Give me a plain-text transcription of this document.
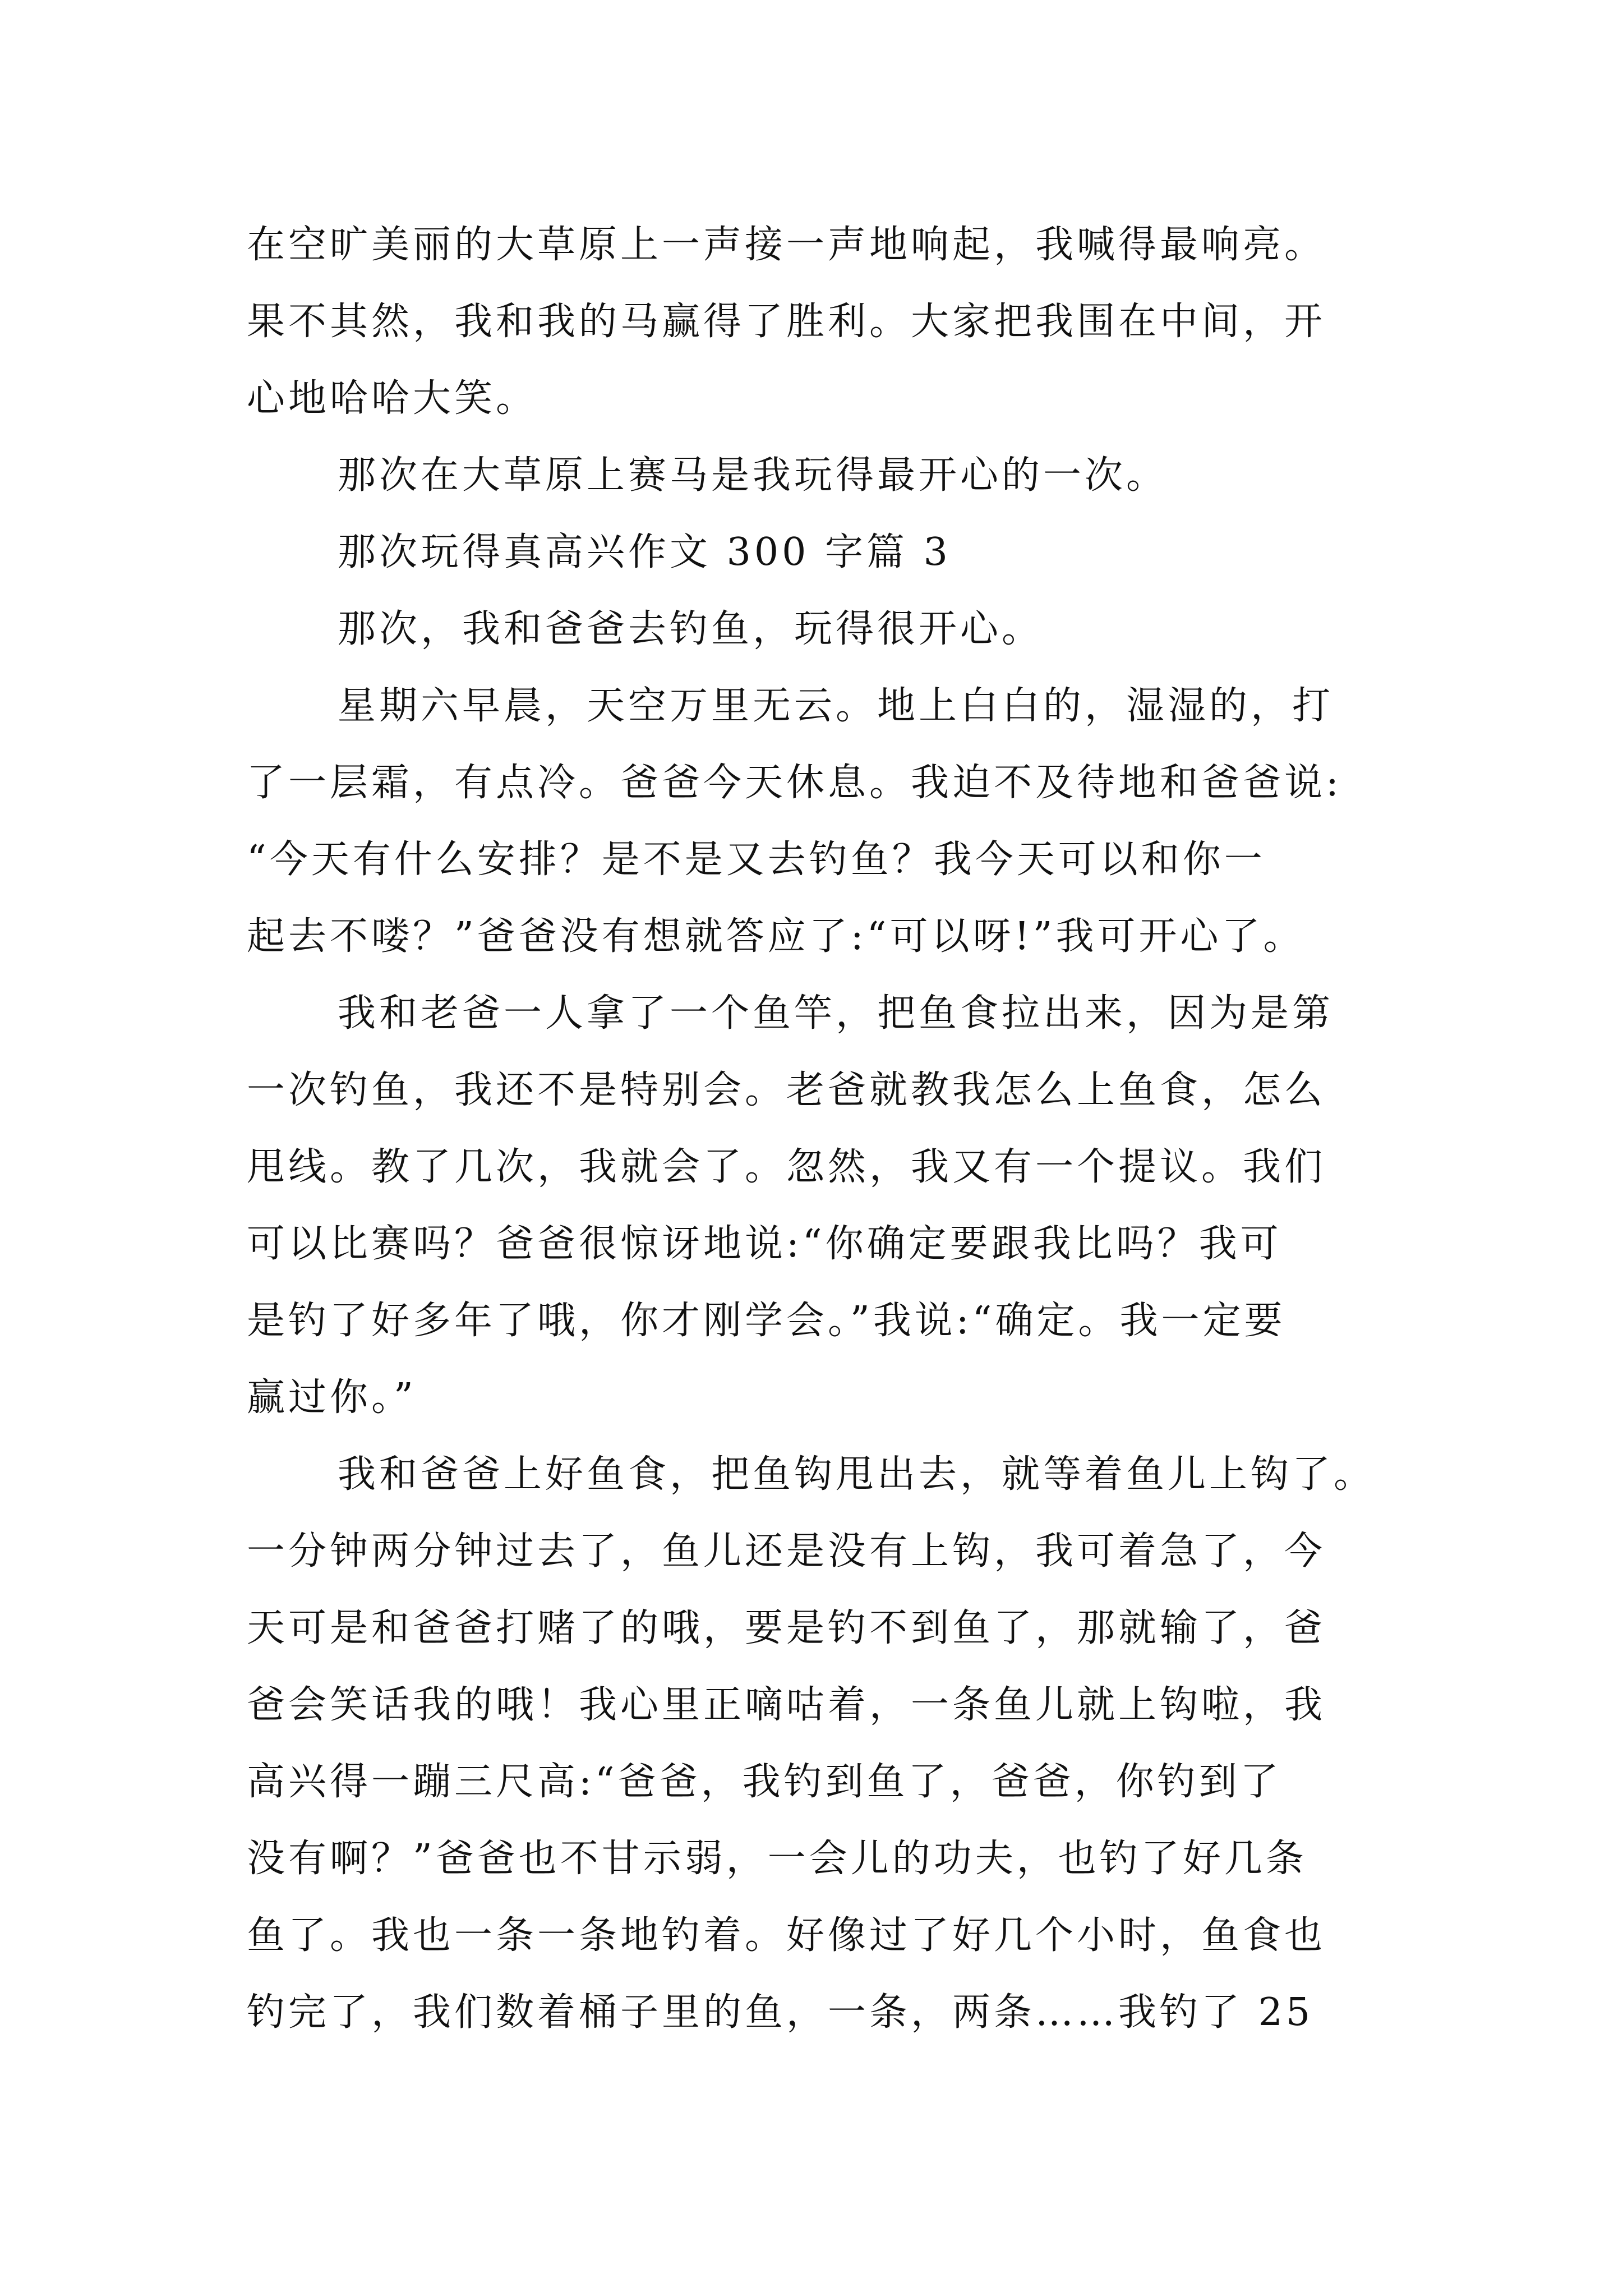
在空旷美丽的大草原上一声接一声地响起，我喊得最响亮。
果不其然，我和我的马赢得了胜利。大家把我围在中间，开
心地哈哈大笑。
那次在大草原上赛马是我玩得最开心的一次。
那次玩得真高兴作文 300 字篇 3
那次，我和爸爸去钓鱼，玩得很开心。
星期六早晨，天空万里无云。地上白白的，湿湿的，打
了一层霜，有点冷。爸爸今天休息。我迫不及待地和爸爸说:
“今天有什么安排？是不是又去钓鱼？我今天可以和你一
起去不喽？”爸爸没有想就答应了:“可以呀!”我可开心了。
我和老爸一人拿了一个鱼竿，把鱼食拉出来，因为是第
一次钓鱼，我还不是特别会。老爸就教我怎么上鱼食，怎么
甩线。教了几次，我就会了。忽然，我又有一个提议。我们
可以比赛吗？爸爸很惊讶地说:“你确定要跟我比吗？我可
是钓了好多年了哦，你才刚学会。”我说:“确定。我一定要
赢过你。”
我和爸爸上好鱼食，把鱼钩甩出去，就等着鱼儿上钩了。
一分钟两分钟过去了，鱼儿还是没有上钩，我可着急了，今
天可是和爸爸打赌了的哦，要是钓不到鱼了，那就输了，爸
爸会笑话我的哦！我心里正嘀咕着，一条鱼儿就上钩啦，我
高兴得一蹦三尺高:“爸爸，我钓到鱼了，爸爸，你钓到了
没有啊？”爸爸也不甘示弱，一会儿的功夫，也钓了好几条
鱼了。我也一条一条地钓着。好像过了好几个小时，鱼食也
钓完了，我们数着桶子里的鱼，一条，两条……我钓了 25
